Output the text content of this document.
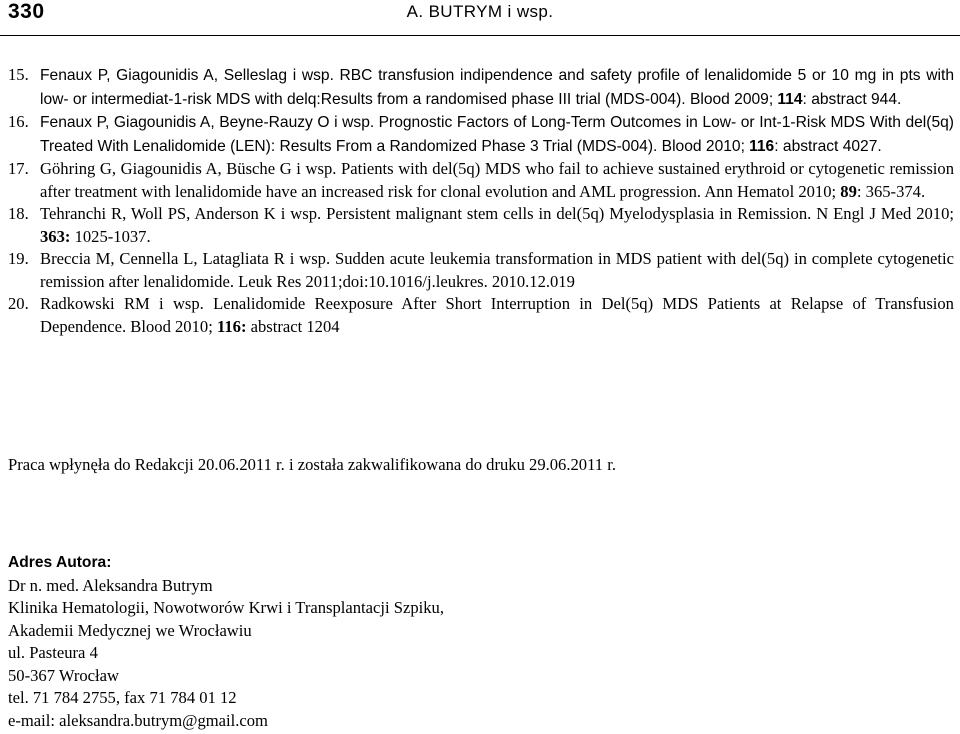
330	A. BUTRYM i wsp.
15. Fenaux P, Giagounidis A, Selleslag i wsp. RBC transfusion indipendence and safety profile of lenalidomide 5 or 10 mg in pts with low- or intermediat-1-risk MDS with delq:Results from a randomised phase III trial (MDS-004). Blood 2009; 114: abstract 944.
16. Fenaux P, Giagounidis A, Beyne-Rauzy O i wsp. Prognostic Factors of Long-Term Outcomes in Low- or Int-1-Risk MDS With del(5q) Treated With Lenalidomide (LEN): Results From a Randomized Phase 3 Trial (MDS-004). Blood 2010; 116: abstract 4027.
17. Göhring G, Giagounidis A, Büsche G i wsp. Patients with del(5q) MDS who fail to achieve sustained erythroid or cytogenetic remission after treatment with lenalidomide have an increased risk for clonal evolution and AML progression. Ann Hematol 2010; 89: 365-374.
18. Tehranchi R, Woll PS, Anderson K i wsp. Persistent malignant stem cells in del(5q) Myelodysplasia in Remission. N Engl J Med 2010; 363: 1025-1037.
19. Breccia M, Cennella L, Latagliata R i wsp. Sudden acute leukemia transformation in MDS patient with del(5q) in complete cytogenetic remission after lenalidomide. Leuk Res 2011;doi:10.1016/j.leukres. 2010.12.019
20. Radkowski RM i wsp. Lenalidomide Reexposure After Short Interruption in Del(5q) MDS Patients at Relapse of Transfusion Dependence. Blood 2010; 116: abstract 1204
Praca wpłynęła do Redakcji 20.06.2011 r. i została zakwalifikowana do druku 29.06.2011 r.
Adres Autora:
Dr n. med. Aleksandra Butrym
Klinika Hematologii, Nowotworów Krwi i Transplantacji Szpiku,
Akademii Medycznej we Wrocławiu
ul. Pasteura 4
50-367 Wrocław
tel. 71 784 2755, fax 71 784 01 12
e-mail: aleksandra.butrym@gmail.com
